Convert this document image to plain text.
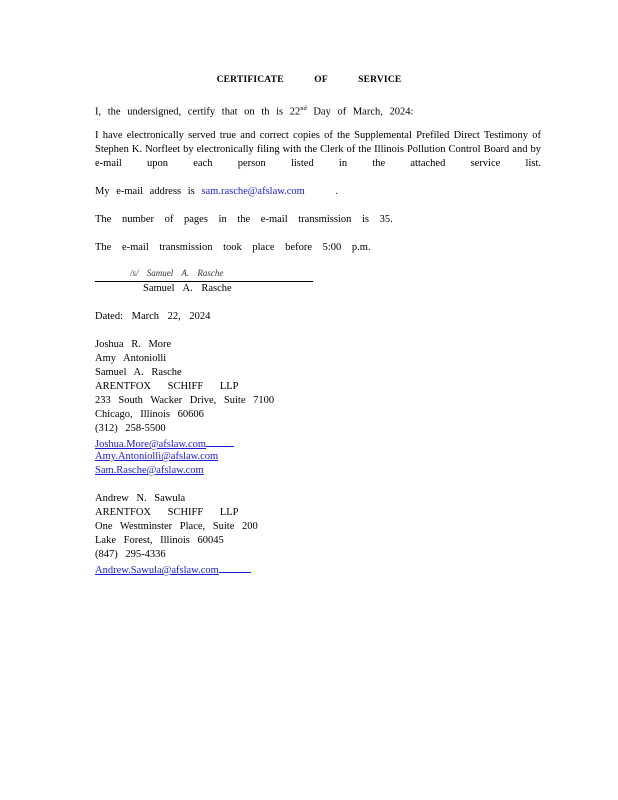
CERTIFICATE OF SERVICE
I, the undersigned, certify that on th is 22nd Day of March, 2024:
I have electronically served true and correct copies of the Supplemental Prefiled Direct Testimony of Stephen K. Norfleet by electronically filing with the Clerk of the Illinois Pollution Control Board and by e-mail upon each person listed in the attached service list.
My e-mail address is sam.rasche@afslaw.com	.
The number of pages in the e-mail transmission is 35.
The e-mail transmission took place before 5:00 p.m.
/s/ Samuel A. Rasche
Samuel A. Rasche
Dated: March 22, 2024
Joshua R. More
Amy Antoniolli
Samuel A. Rasche
ARENTFOX SCHIFF LLP
233 South Wacker Drive, Suite 7100
Chicago, Illinois 60606
(312) 258-5500
Joshua.More@afslaw.com
Amy.Antoniolli@afslaw.com
Sam.Rasche@afslaw.com
Andrew N. Sawula
ARENTFOX SCHIFF LLP
One Westminster Place, Suite 200
Lake Forest, Illinois 60045
(847) 295-4336
Andrew.Sawula@afslaw.com
